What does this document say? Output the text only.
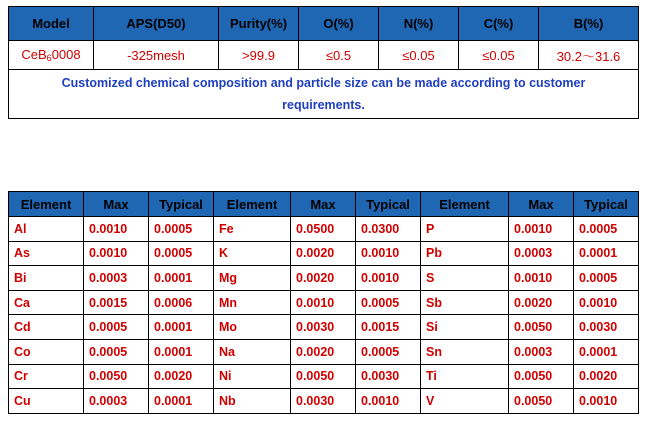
Model	APS(D50)	Purity(%)	O(%)	N(%)	C(%)	B(%)
CeB$_6$0008	-325mesh	>99.9	≤0.5	≤0.05	≤0.05	30.2～31.6
Customized chemical composition and particle size can be made according to customer
requirements.						
Element	Max	Typical	Element	Max	Typical	Element	Max	Typical
Al	0.0010	0.0005	Fe	0.0500	0.0300	P	0.0010	0.0005
As	0.0010	0.0005	K	0.0020	0.0010	Pb	0.0003	0.0001
Bi	0.0003	0.0001	Mg	0.0020	0.0010	S	0.0010	0.0005
Ca	0.0015	0.0006	Mn	0.0010	0.0005	Sb	0.0020	0.0010
Cd	0.0005	0.0001	Mo	0.0030	0.0015	Si	0.0050	0.0030
Co	0.0005	0.0001	Na	0.0020	0.0005	Sn	0.0003	0.0001
Cr	0.0050	0.0020	Ni	0.0050	0.0030	Ti	0.0050	0.0020
Cu	0.0003	0.0001	Nb	0.0030	0.0010	V	0.0050	0.0010
